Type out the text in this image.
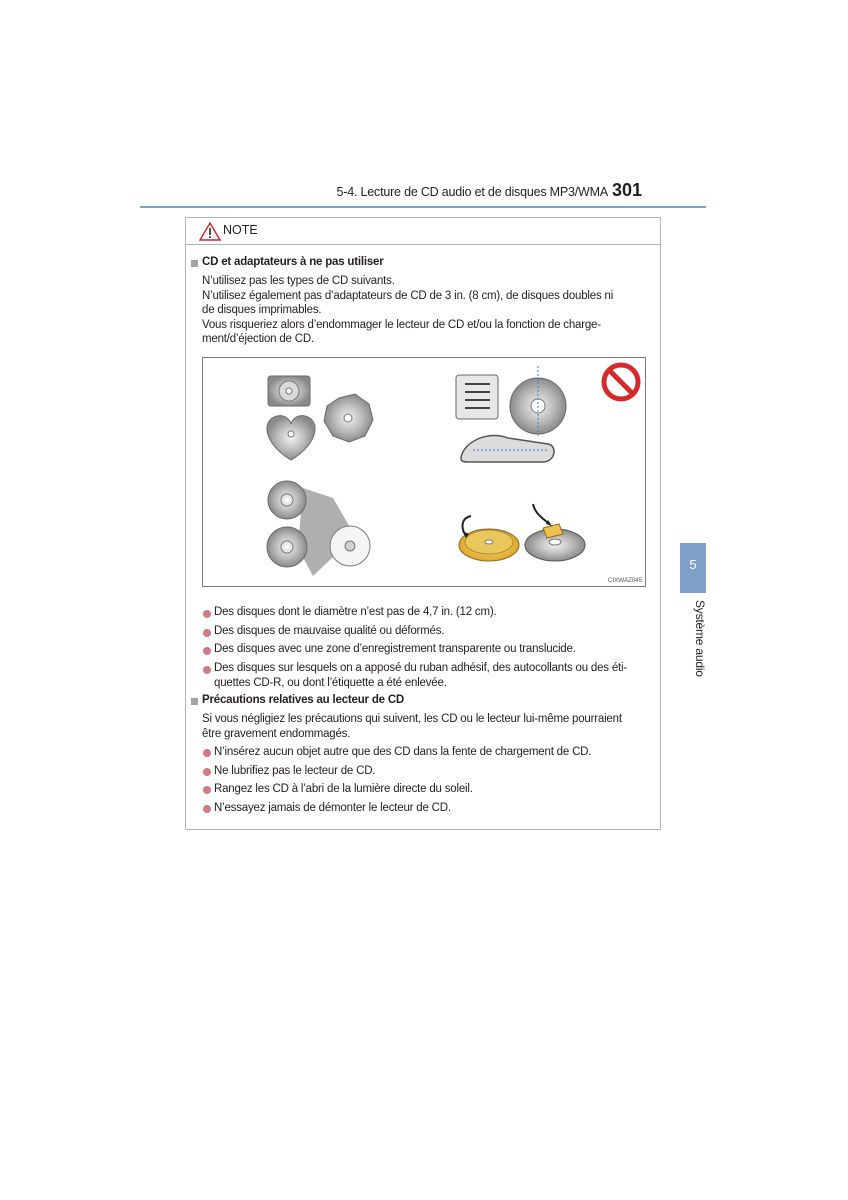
5-4. Lecture de CD audio et de disques MP3/WMA 301
NOTE
CD et adaptateurs à ne pas utiliser
N’utilisez pas les types de CD suivants.
N’utilisez également pas d’adaptateurs de CD de 3 in. (8 cm), de disques doubles ni
de disques imprimables.
Vous risqueriez alors d’endommager le lecteur de CD et/ou la fonction de charge-
ment/d’éjection de CD.
CIXWAZ045
Des disques dont le diamètre n’est pas de 4,7 in. (12 cm).
Des disques de mauvaise qualité ou déformés.
Des disques avec une zone d’enregistrement transparente ou translucide.
Des disques sur lesquels on a apposé du ruban adhésif, des autocollants ou des éti-
quettes CD-R, ou dont l’étiquette a été enlevée.
Précautions relatives au lecteur de CD
Si vous négligiez les précautions qui suivent, les CD ou le lecteur lui-même pourraient
être gravement endommagés.
N’insérez aucun objet autre que des CD dans la fente de chargement de CD.
Ne lubrifiez pas le lecteur de CD.
Rangez les CD à l’abri de la lumière directe du soleil.
N’essayez jamais de démonter le lecteur de CD.
5
Système audio
